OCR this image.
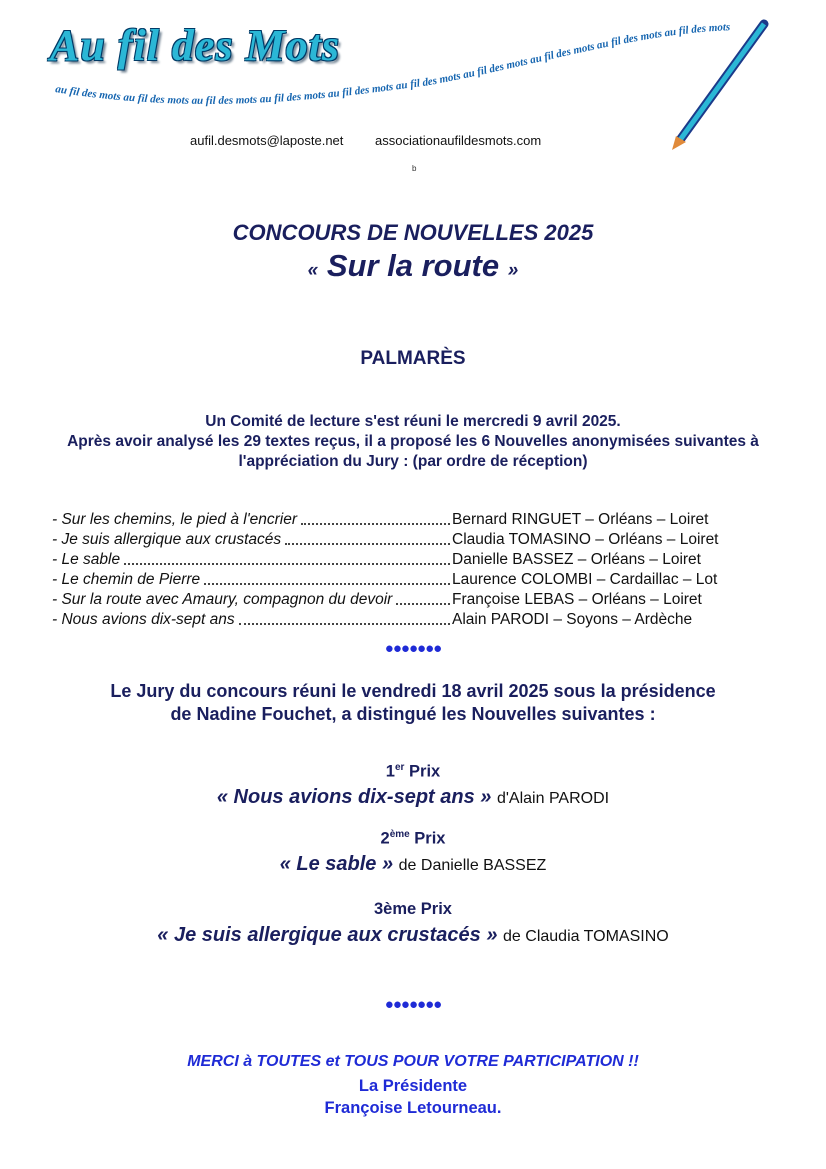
Au fil des Mots
au fil des mots au fil des mots au fil des mots au fil des mots au fil des mots au fil des mots au fil des mots au fil des mots au fil des mots au fil des mots
aufil.desmots@laposte.net associationaufildesmots.com
b
CONCOURS DE NOUVELLES 2025
« Sur la route »
PALMARÈS
Un Comité de lecture s'est réuni le mercredi 9 avril 2025.
Après avoir analysé les 29 textes reçus, il a proposé les 6 Nouvelles anonymisées suivantes à
l'appréciation du Jury : (par ordre de réception)
- Sur les chemins, le pied à l'encrier	Bernard RINGUET – Orléans – Loiret
- Je suis allergique aux crustacés	Claudia TOMASINO – Orléans – Loiret
- Le sable	Danielle BASSEZ – Orléans – Loiret
- Le chemin de Pierre	Laurence COLOMBI – Cardaillac – Lot
- Sur la route avec Amaury, compagnon du devoir	Françoise LEBAS – Orléans – Loiret
- Nous avions dix-sept ans	Alain PARODI – Soyons – Ardèche
●●●●●●●
Le Jury du concours réuni le vendredi 18 avril 2025 sous la présidence
de Nadine Fouchet, a distingué les Nouvelles suivantes :
1er Prix
« Nous avions dix-sept ans » d'Alain PARODI
2ème Prix
« Le sable » de Danielle BASSEZ
3ème Prix
« Je suis allergique aux crustacés » de Claudia TOMASINO
●●●●●●●
MERCI à TOUTES et TOUS POUR VOTRE PARTICIPATION !!
La Présidente
Françoise Letourneau.
